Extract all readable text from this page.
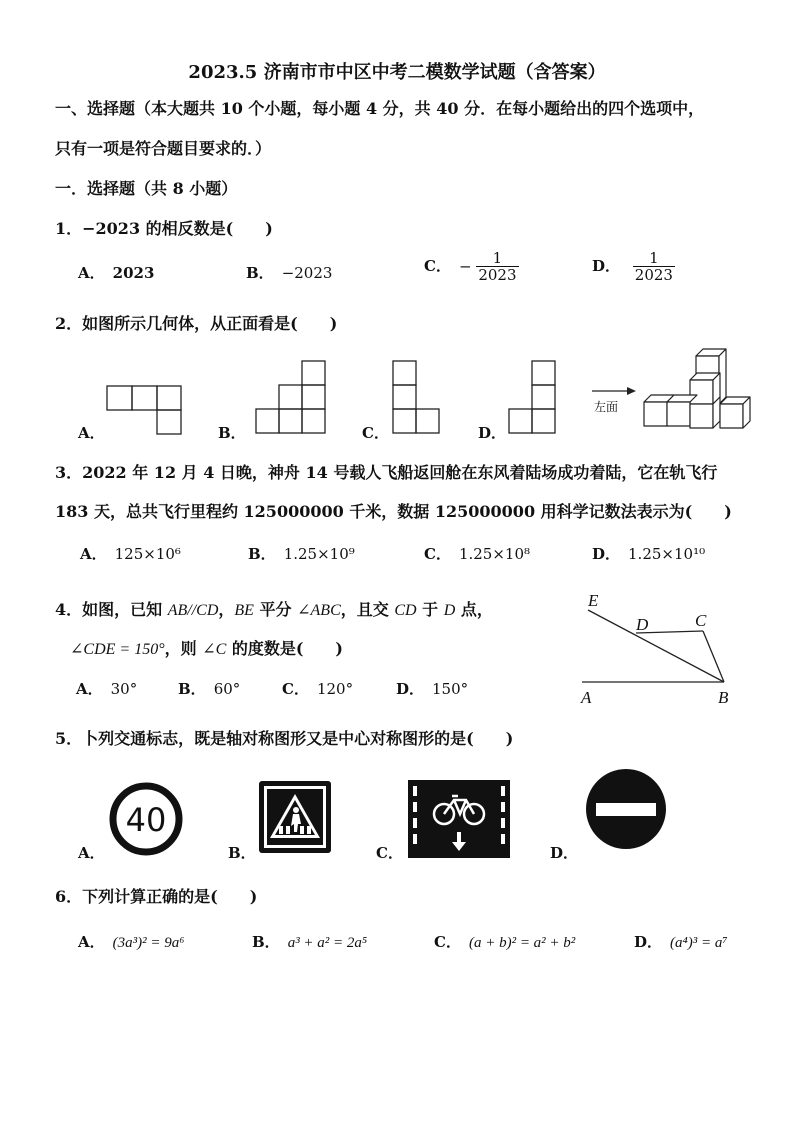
2023.5 济南市市中区中考二模数学试题（含答案）
一、选择题（本大题共 10 个小题，每小题 4 分，共 40 分．在每小题给出的四个选项中，
只有一项是符合题目要求的．）
一．选择题（共 8 小题）
1．−2023 的相反数是(　　)
A． 2023	B． −2023	C． − $\frac{1}{2023}$	D． $\frac{1}{2023}$
2．如图所示几何体，从正面看是(　　)
A．	B．	C．	D．
左面
3．2022 年 12 月 4 日晚，神舟 14 号载人飞船返回舱在东风着陆场成功着陆，它在轨飞行
183 天，总共飞行里程约 125000000 千米，数据 125000000 用科学记数法表示为(　　)
A． 125×10⁶	B． 1.25×10⁹	C． 1.25×10⁸	D． 1.25×10¹⁰
4．如图，已知 AB//CD，BE 平分 ∠ABC，且交 CD 于 D 点，
∠CDE = 150°，则 ∠C 的度数是(　　)
A． 30°	B． 60°	C． 120°	D． 150°
E
D	C
A	B
5．卜列交通标志，既是轴对称图形又是中心对称图形的是(　　)
A．
40
B．	C．	D．
6．下列计算正确的是(　　)
A． (3a³)² = 9a⁶	B． a³ + a² = 2a⁵	C． (a + b)² = a² + b²	D． (a⁴)³ = a⁷
